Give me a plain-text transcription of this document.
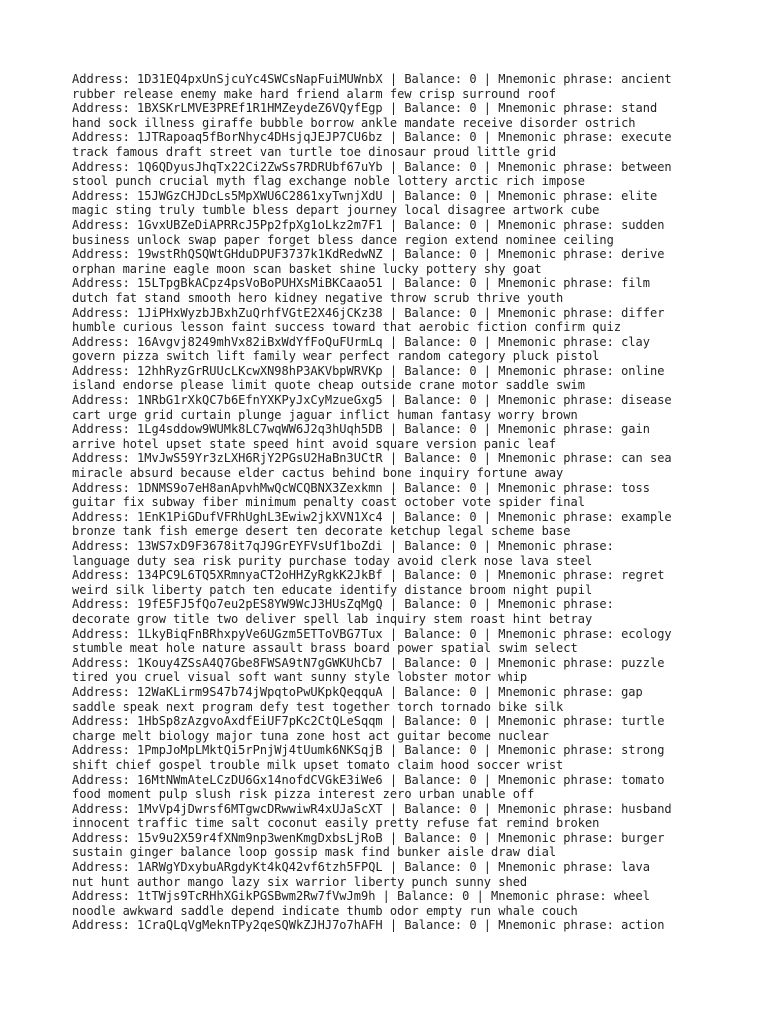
Address: 1D31EQ4pxUnSjcuYc4SWCsNapFuiMUWnbX | Balance: 0 | Mnemonic phrase: ancient
rubber release enemy make hard friend alarm few crisp surround roof
Address: 1BXSKrLMVE3PREf1R1HMZeydeZ6VQyfEgp | Balance: 0 | Mnemonic phrase: stand
hand sock illness giraffe bubble borrow ankle mandate receive disorder ostrich
Address: 1JTRapoaq5fBorNhyc4DHsjqJEJP7CU6bz | Balance: 0 | Mnemonic phrase: execute
track famous draft street van turtle toe dinosaur proud little grid
Address: 1Q6QDyusJhqTx22Ci2ZwSs7RDRUbf67uYb | Balance: 0 | Mnemonic phrase: between
stool punch crucial myth flag exchange noble lottery arctic rich impose
Address: 15JWGzCHJDcLs5MpXWU6C2861xyTwnjXdU | Balance: 0 | Mnemonic phrase: elite
magic sting truly tumble bless depart journey local disagree artwork cube
Address: 1GvxUBZeDiAPRRcJ5Pp2fpXg1oLkz2m7F1 | Balance: 0 | Mnemonic phrase: sudden
business unlock swap paper forget bless dance region extend nominee ceiling
Address: 19wstRhQSQWtGHduDPUF3737k1KdRedwNZ | Balance: 0 | Mnemonic phrase: derive
orphan marine eagle moon scan basket shine lucky pottery shy goat
Address: 15LTpgBkACpz4psVoBoPUHXsMiBKCaao51 | Balance: 0 | Mnemonic phrase: film
dutch fat stand smooth hero kidney negative throw scrub thrive youth
Address: 1JiPHxWyzbJBxhZuQrhfVGtE2X46jCKz38 | Balance: 0 | Mnemonic phrase: differ
humble curious lesson faint success toward that aerobic fiction confirm quiz
Address: 16Avgvj8249mhVx82iBxWdYfFoQuFUrmLq | Balance: 0 | Mnemonic phrase: clay
govern pizza switch lift family wear perfect random category pluck pistol
Address: 12hhRyzGrRUUcLKcwXN98hP3AKVbpWRVKp | Balance: 0 | Mnemonic phrase: online
island endorse please limit quote cheap outside crane motor saddle swim
Address: 1NRbG1rXkQC7b6EfnYXKPyJxCyMzueGxg5 | Balance: 0 | Mnemonic phrase: disease
cart urge grid curtain plunge jaguar inflict human fantasy worry brown
Address: 1Lg4sddow9WUMk8LC7wqWW6J2q3hUqh5DB | Balance: 0 | Mnemonic phrase: gain
arrive hotel upset state speed hint avoid square version panic leaf
Address: 1MvJwS59Yr3zLXH6RjY2PGsU2HaBn3UCtR | Balance: 0 | Mnemonic phrase: can sea
miracle absurd because elder cactus behind bone inquiry fortune away
Address: 1DNMS9o7eH8anApvhMwQcWCQBNX3Zexkmn | Balance: 0 | Mnemonic phrase: toss
guitar fix subway fiber minimum penalty coast october vote spider final
Address: 1EnK1PiGDufVFRhUghL3Ewiw2jkXVN1Xc4 | Balance: 0 | Mnemonic phrase: example
bronze tank fish emerge desert ten decorate ketchup legal scheme base
Address: 13WS7xD9F3678it7qJ9GrEYFVsUf1boZdi | Balance: 0 | Mnemonic phrase:
language duty sea risk purity purchase today avoid clerk nose lava steel
Address: 134PC9L6TQ5XRmnyaCT2oHHZyRgkK2JkBf | Balance: 0 | Mnemonic phrase: regret
weird silk liberty patch ten educate identify distance broom night pupil
Address: 19fE5FJ5fQo7eu2pES8YW9WcJ3HUsZqMgQ | Balance: 0 | Mnemonic phrase:
decorate grow title two deliver spell lab inquiry stem roast hint betray
Address: 1LkyBiqFnBRhxpyVe6UGzm5ETToVBG7Tux | Balance: 0 | Mnemonic phrase: ecology
stumble meat hole nature assault brass board power spatial swim select
Address: 1Kouy4ZSsA4Q7Gbe8FWSA9tN7gGWKUhCb7 | Balance: 0 | Mnemonic phrase: puzzle
tired you cruel visual soft want sunny style lobster motor whip
Address: 12WaKLirm9S47b74jWpqtoPwUKpkQeqquA | Balance: 0 | Mnemonic phrase: gap
saddle speak next program defy test together torch tornado bike silk
Address: 1HbSp8zAzgvoAxdfEiUF7pKc2CtQLeSqqm | Balance: 0 | Mnemonic phrase: turtle
charge melt biology major tuna zone host act guitar become nuclear
Address: 1PmpJoMpLMktQi5rPnjWj4tUumk6NKSqjB | Balance: 0 | Mnemonic phrase: strong
shift chief gospel trouble milk upset tomato claim hood soccer wrist
Address: 16MtNWmAteLCzDU6Gx14nofdCVGkE3iWe6 | Balance: 0 | Mnemonic phrase: tomato
food moment pulp slush risk pizza interest zero urban unable off
Address: 1MvVp4jDwrsf6MTgwcDRwwiwR4xUJaScXT | Balance: 0 | Mnemonic phrase: husband
innocent traffic time salt coconut easily pretty refuse fat remind broken
Address: 15v9u2X59r4fXNm9np3wenKmgDxbsLjRoB | Balance: 0 | Mnemonic phrase: burger
sustain ginger balance loop gossip mask find bunker aisle draw dial
Address: 1ARWgYDxybuARgdyKt4kQ42vf6tzh5FPQL | Balance: 0 | Mnemonic phrase: lava
nut hunt author mango lazy six warrior liberty punch sunny shed
Address: 1tTWjs9TcRHhXGikPGSBwm2Rw7fVwJm9h | Balance: 0 | Mnemonic phrase: wheel
noodle awkward saddle depend indicate thumb odor empty run whale couch
Address: 1CraQLqVgMeknTPy2qeSQWkZJHJ7o7hAFH | Balance: 0 | Mnemonic phrase: action
